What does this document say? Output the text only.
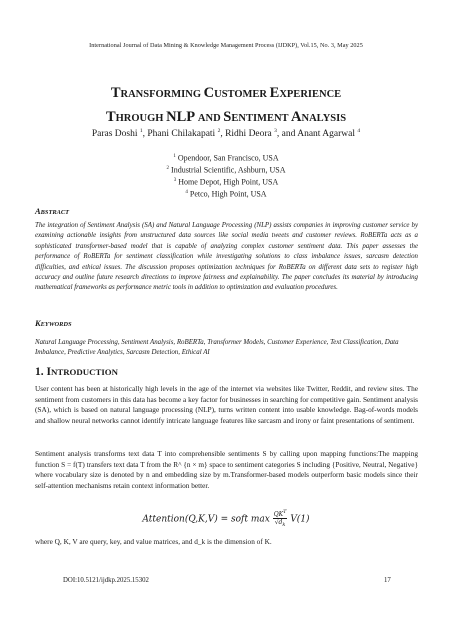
International Journal of Data Mining & Knowledge Management Process (IJDKP), Vol.15, No. 3, May 2025
TRANSFORMING CUSTOMER EXPERIENCE
THROUGH NLP AND SENTIMENT ANALYSIS
Paras Doshi $^1$, Phani Chilakapati $^2$, Ridhi Deora $^3$, and Anant Agarwal $^4$
$^1$ Opendoor, San Francisco, USA
$^2$ Industrial Scientific, Ashburn, USA
$^3$ Home Depot, High Point, USA
$^4$ Petco, High Point, USA
ABSTRACT
The integration of Sentiment Analysis (SA) and Natural Language Processing (NLP) assists companies in improving customer service by examining actionable insights from unstructured data sources like social media tweets and customer reviews. RoBERTa acts as a sophisticated transformer-based model that is capable of analyzing complex customer sentiment data. This paper assesses the performance of RoBERTa for sentiment classification while investigating solutions to class imbalance issues, sarcasm detection difficulties, and ethical issues. The discussion proposes optimization techniques for RoBERTa on different data sets to register high accuracy and outline future research directions to improve fairness and explainability. The paper concludes its material by introducing mathematical frameworks as performance metric tools in addition to optimization and evaluation procedures.
KEYWORDS
Natural Language Processing, Sentiment Analysis, RoBERTa, Transformer Models, Customer Experience, Text Classification, Data Imbalance, Predictive Analytics, Sarcasm Detection, Ethical AI
1. INTRODUCTION
User content has been at historically high levels in the age of the internet via websites like Twitter, Reddit, and review sites. The sentiment from customers in this data has become a key factor for businesses in searching for competitive gain. Sentiment analysis (SA), which is based on natural language processing (NLP), turns written content into usable knowledge. Bag-of-words models and shallow neural networks cannot identify intricate language features like sarcasm and irony or faint presentations of sentiment.
Sentiment analysis transforms text data T into comprehensible sentiments S by calling upon mapping functions:The mapping function S = f(T) transfers text data T from the R^ {n × m} space to sentiment categories S including {Positive, Neutral, Negative} where vocabulary size is denoted by n and embedding size by m.Transformer-based models outperform basic models since their self-attention mechanisms retain context information better.
Attention(Q,K,V) = soft $\max \frac{QK^T}{√d_k} V(1)$
where Q, K, V are query, key, and value matrices, and d_k is the dimension of K.
DOI:10.5121/ijdkp.2025.15302	17
